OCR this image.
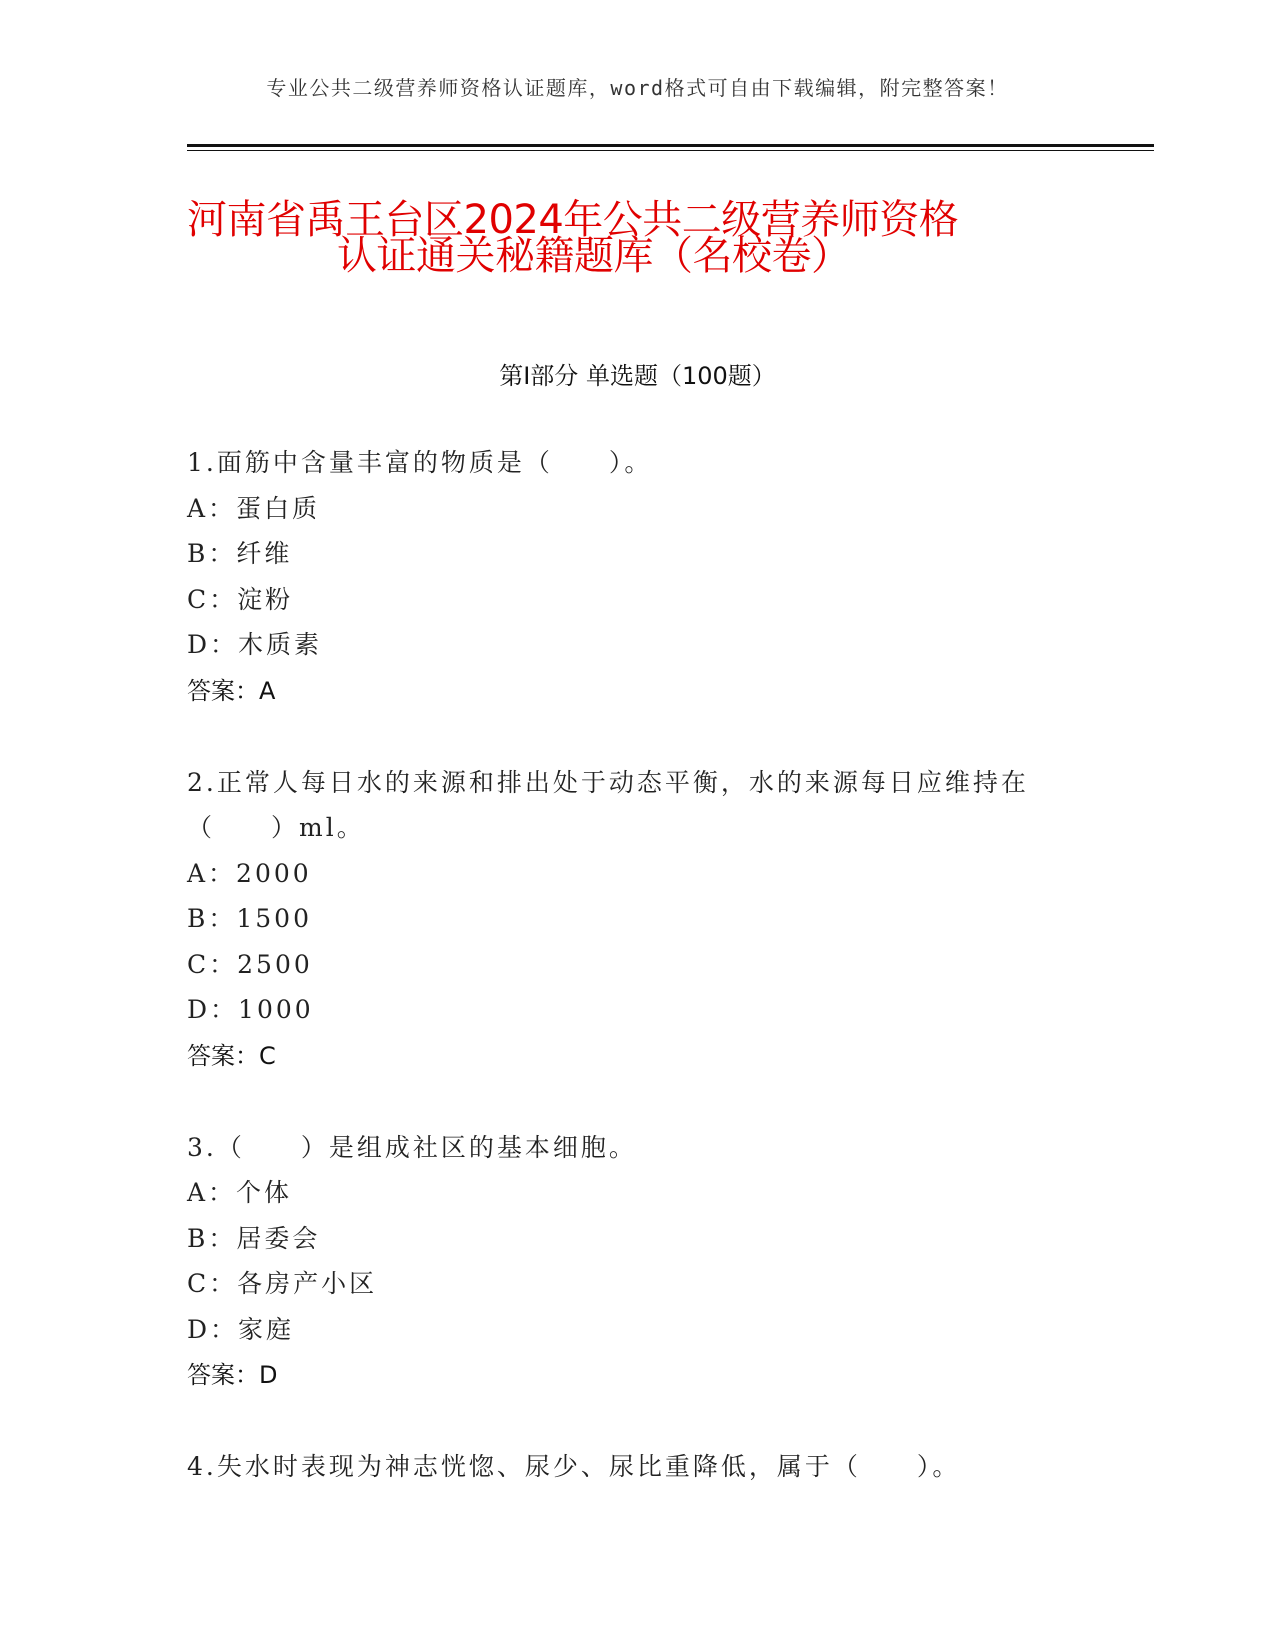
专业公共二级营养师资格认证题库，word格式可自由下载编辑，附完整答案！
河南省禹王台区2024年公共二级营养师资格
认证通关秘籍题库（名校卷）
第Ⅰ部分 单选题（100题）
1.面筋中含量丰富的物质是（　　）。
A：蛋白质
B：纤维
C：淀粉
D：木质素
答案：A
2.正常人每日水的来源和排出处于动态平衡，水的来源每日应维持在
（　　）ml。
A：2000
B：1500
C：2500
D：1000
答案：C
3.（　　）是组成社区的基本细胞。
A：个体
B：居委会
C：各房产小区
D：家庭
答案：D
4.失水时表现为神志恍惚、尿少、尿比重降低，属于（　　）。
